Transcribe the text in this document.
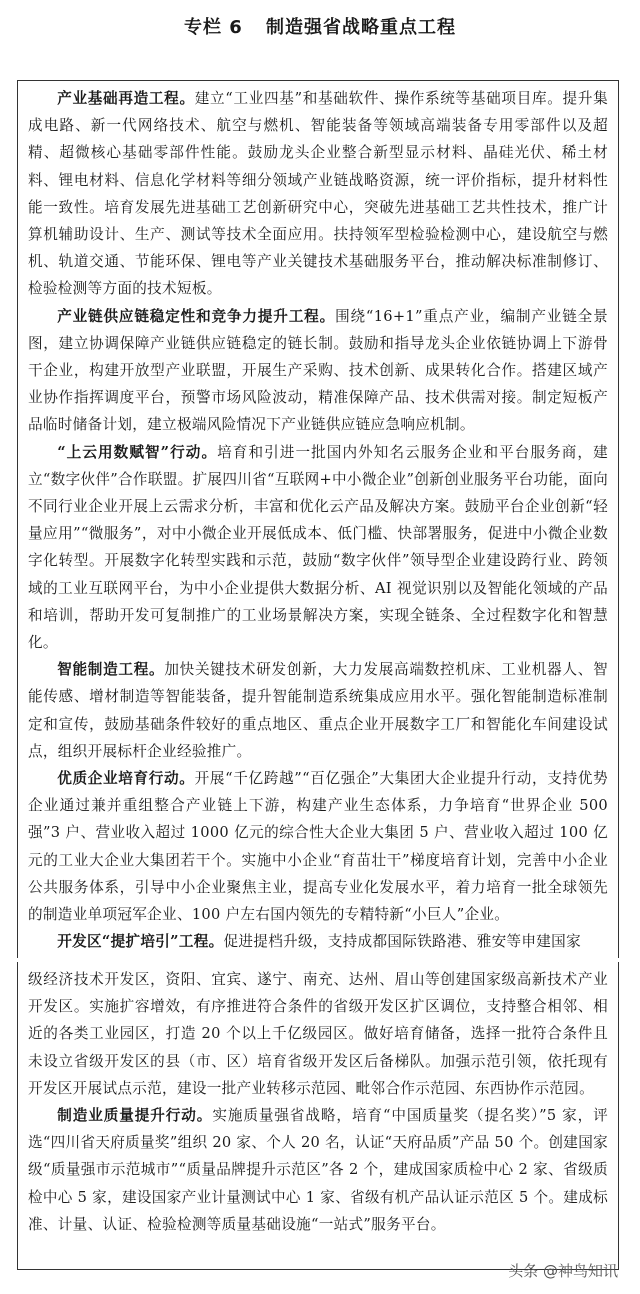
专栏 6 制造强省战略重点工程

产业基础再造工程。建立“工业四基”和基础软件、操作系统等基础项目库。提升集成电路、新一代网络技术、航空与燃机、智能装备等领域高端装备专用零部件以及超精、超微核心基础零部件性能。鼓励龙头企业整合新型显示材料、晶硅光伏、稀土材料、锂电材料、信息化学材料等细分领域产业链战略资源，统一评价指标，提升材料性能一致性。培育发展先进基础工艺创新研究中心，突破先进基础工艺共性技术，推广计算机辅助设计、生产、测试等技术全面应用。扶持领军型检验检测中心，建设航空与燃机、轨道交通、节能环保、锂电等产业关键技术基础服务平台，推动解决标准制修订、检验检测等方面的技术短板。

产业链供应链稳定性和竞争力提升工程。围绕“16+1”重点产业，编制产业链全景图，建立协调保障产业链供应链稳定的链长制。鼓励和指导龙头企业依链协调上下游骨干企业，构建开放型产业联盟，开展生产采购、技术创新、成果转化合作。搭建区域产业协作指挥调度平台，预警市场风险波动，精准保障产品、技术供需对接。制定短板产品临时储备计划，建立极端风险情况下产业链供应链应急响应机制。

“上云用数赋智”行动。培育和引进一批国内外知名云服务企业和平台服务商，建立“数字伙伴”合作联盟。扩展四川省“互联网+中小微企业”创新创业服务平台功能，面向不同行业企业开展上云需求分析，丰富和优化云产品及解决方案。鼓励平台企业创新“轻量应用”“微服务”，对中小微企业开展低成本、低门槛、快部署服务，促进中小微企业数字化转型。开展数字化转型实践和示范，鼓励“数字伙伴”领导型企业建设跨行业、跨领域的工业互联网平台，为中小企业提供大数据分析、AI 视觉识别以及智能化领域的产品和培训，帮助开发可复制推广的工业场景解决方案，实现全链条、全过程数字化和智慧化。

智能制造工程。加快关键技术研发创新，大力发展高端数控机床、工业机器人、智能传感、增材制造等智能装备，提升智能制造系统集成应用水平。强化智能制造标准制定和宣传，鼓励基础条件较好的重点地区、重点企业开展数字工厂和智能化车间建设试点，组织开展标杆企业经验推广。

优质企业培育行动。开展“千亿跨越”“百亿强企”大集团大企业提升行动，支持优势企业通过兼并重组整合产业链上下游，构建产业生态体系，力争培育“世界企业 500 强”3 户、营业收入超过 1000 亿元的综合性大企业大集团 5 户、营业收入超过 100 亿元的工业大企业大集团若干个。实施中小企业“育苗壮干”梯度培育计划，完善中小企业公共服务体系，引导中小企业聚焦主业，提高专业化发展水平，着力培育一批全球领先的制造业单项冠军企业、100 户左右国内领先的专精特新“小巨人”企业。

开发区“提扩培引”工程。促进提档升级，支持成都国际铁路港、雅安等申建国家

级经济技术开发区，资阳、宜宾、遂宁、南充、达州、眉山等创建国家级高新技术产业开发区。实施扩容增效，有序推进符合条件的省级开发区扩区调位，支持整合相邻、相近的各类工业园区，打造 20 个以上千亿级园区。做好培育储备，选择一批符合条件且未设立省级开发区的县（市、区）培育省级开发区后备梯队。加强示范引领，依托现有开发区开展试点示范，建设一批产业转移示范园、毗邻合作示范园、东西协作示范园。

制造业质量提升行动。实施质量强省战略，培育“中国质量奖（提名奖）”5 家，评选“四川省天府质量奖”组织 20 家、个人 20 名，认证“天府品质”产品 50 个。创建国家级“质量强市示范城市”“质量品牌提升示范区”各 2 个，建成国家质检中心 2 家、省级质检中心 5 家，建设国家产业计量测试中心 1 家、省级有机产品认证示范区 5 个。建成标准、计量、认证、检验检测等质量基础设施“一站式”服务平台。

头条 @神鸟知讯
